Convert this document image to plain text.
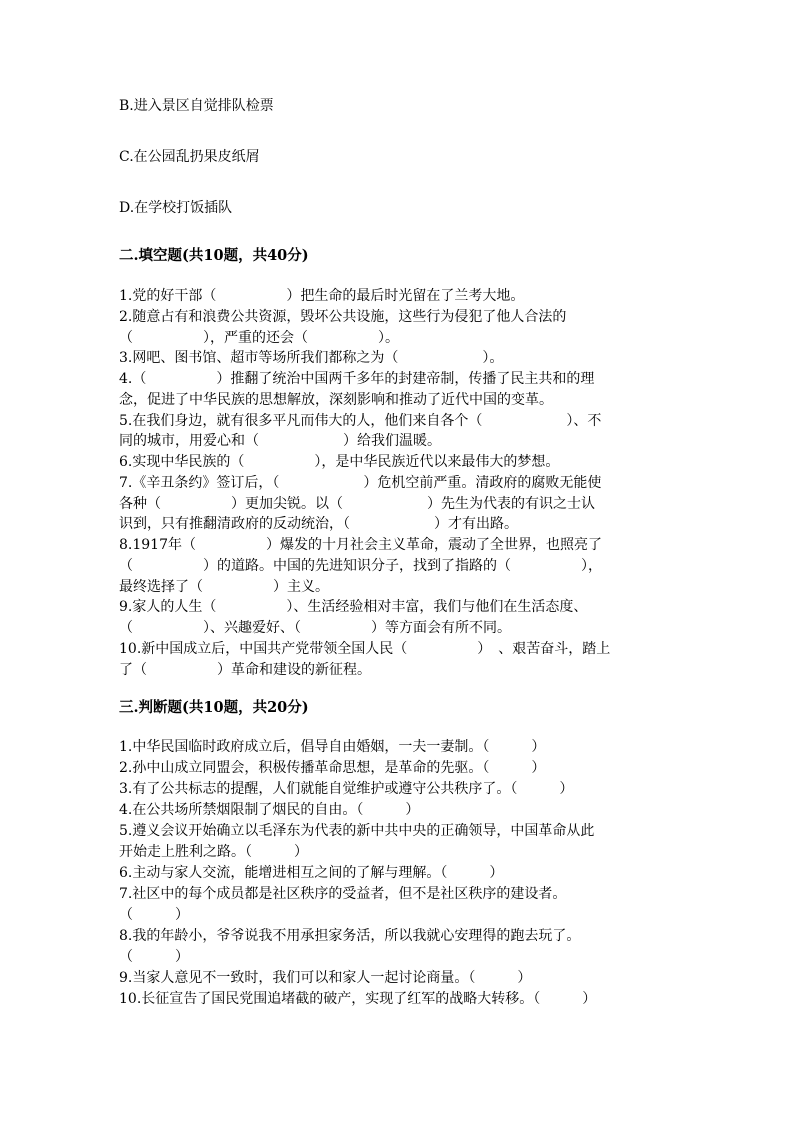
B.进入景区自觉排队检票
C.在公园乱扔果皮纸屑
D.在学校打饭插队
二.填空题(共10题，共40分)
1.党的好干部（　　　　　）把生命的最后时光留在了兰考大地。
2.随意占有和浪费公共资源，毁坏公共设施，这些行为侵犯了他人合法的
（　　　　　），严重的还会（　　　　　）。
3.网吧、图书馆、超市等场所我们都称之为（　　　　　　）。
4.（　　　　　）推翻了统治中国两千多年的封建帝制，传播了民主共和的理
念，促进了中华民族的思想解放，深刻影响和推动了近代中国的变革。
5.在我们身边，就有很多平凡而伟大的人，他们来自各个（　　　　　　）、不
同的城市，用爱心和（　　　　　　）给我们温暖。
6.实现中华民族的（　　　　　），是中华民族近代以来最伟大的梦想。
7.《辛丑条约》签订后，（　　　　　　）危机空前严重。清政府的腐败无能使
各种（　　　　　）更加尖锐。以（　　　　　　）先生为代表的有识之士认
识到，只有推翻清政府的反动统治，（　　　　　　）才有出路。
8.1917年（　　　　　）爆发的十月社会主义革命，震动了全世界，也照亮了
（　　　　　）的道路。中国的先进知识分子，找到了指路的（　　　　　），
最终选择了（　　　　　）主义。
9.家人的人生（　　　　　）、生活经验相对丰富，我们与他们在生活态度、
（　　　　　）、兴趣爱好、（　　　　　）等方面会有所不同。
10.新中国成立后，中国共产党带领全国人民（　　　　　）　、艰苦奋斗，踏上
了（　　　　　）革命和建设的新征程。
三.判断题(共10题，共20分)
1.中华民国临时政府成立后，倡导自由婚姻，一夫一妻制。（　　　）
2.孙中山成立同盟会，积极传播革命思想，是革命的先驱。（　　　）
3.有了公共标志的提醒，人们就能自觉维护或遵守公共秩序了。（　　　）
4.在公共场所禁烟限制了烟民的自由。（　　　）
5.遵义会议开始确立以毛泽东为代表的新中共中央的正确领导，中国革命从此
开始走上胜利之路。（　　　）
6.主动与家人交流，能增进相互之间的了解与理解。（　　　）
7.社区中的每个成员都是社区秩序的受益者，但不是社区秩序的建设者。
（　　　）
8.我的年龄小，爷爷说我不用承担家务活，所以我就心安理得的跑去玩了。
（　　　）
9.当家人意见不一致时，我们可以和家人一起讨论商量。（　　　）
10.长征宣告了国民党围追堵截的破产，实现了红军的战略大转移。（　　　）
